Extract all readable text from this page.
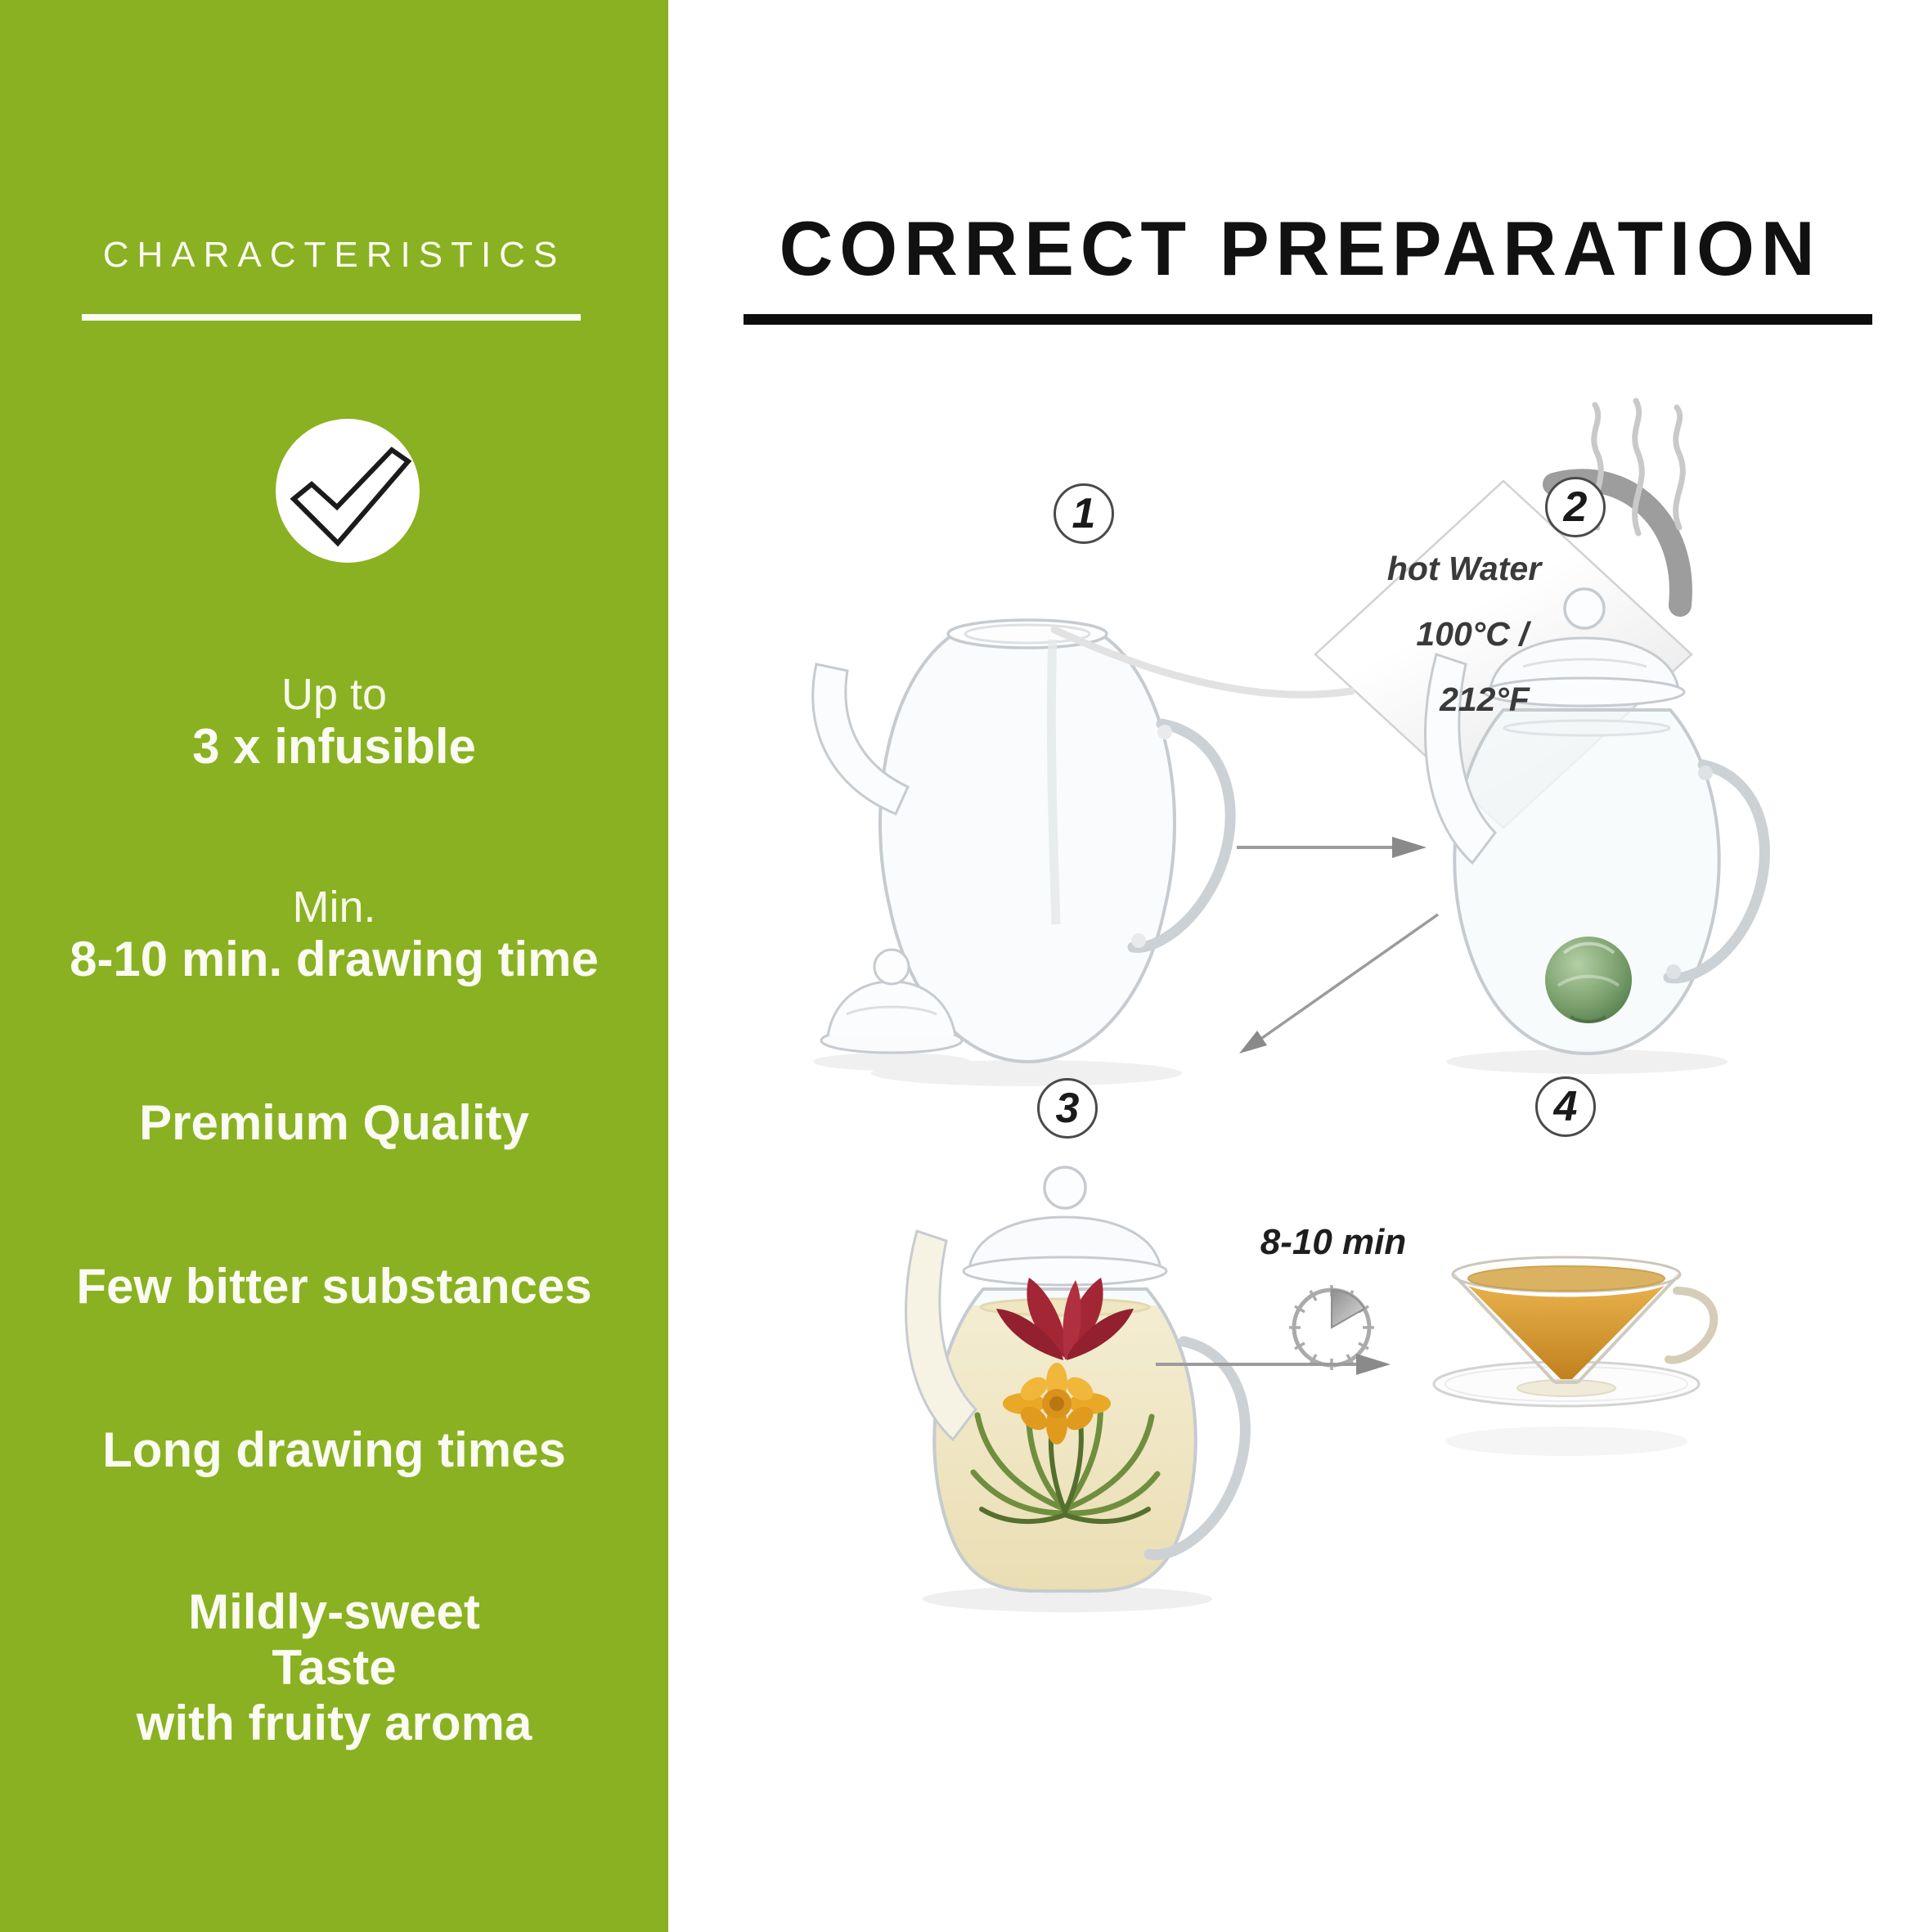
CHARACTERISTICS
Up to
3 x infusible
Min.
8-10 min. drawing time
Premium Quality
Few bitter substances
Long drawing times
Mildly-sweet
Taste
with fruity aroma
CORRECT PREPARATION
1	2
3	4
hot Water
100°C /
212°F
8-10 min
